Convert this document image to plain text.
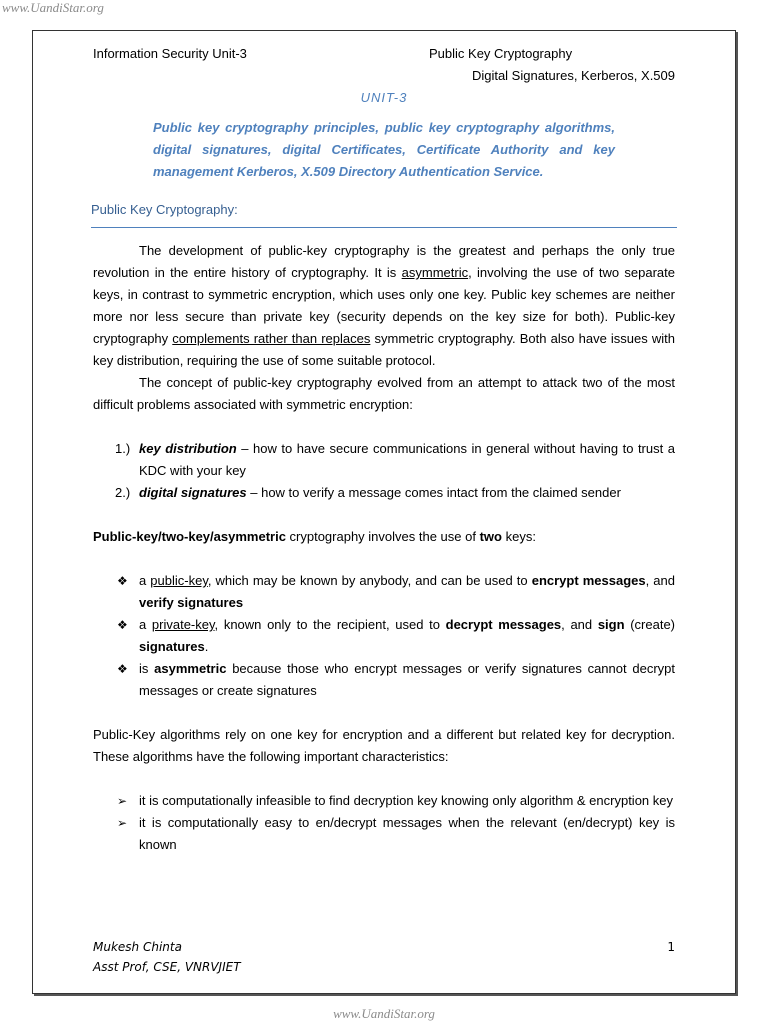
www.UandiStar.org
Information Security Unit-3	Public Key Cryptography
Digital Signatures, Kerberos, X.509
UNIT-3
Public key cryptography principles, public key cryptography algorithms, digital signatures, digital Certificates, Certificate Authority and key management Kerberos, X.509 Directory Authentication Service.
Public Key Cryptography:

The development of public-key cryptography is the greatest and perhaps the only true revolution in the entire history of cryptography. It is asymmetric, involving the use of two separate keys, in contrast to symmetric encryption, which uses only one key. Public key schemes are neither more nor less secure than private key (security depends on the key size for both). Public-key cryptography complements rather than replaces symmetric cryptography. Both also have issues with key distribution, requiring the use of some suitable protocol.

The concept of public-key cryptography evolved from an attempt to attack two of the most difficult problems associated with symmetric encryption:

1.) key distribution – how to have secure communications in general without having to trust a KDC with your key
2.) digital signatures – how to verify a message comes intact from the claimed sender

Public-key/two-key/asymmetric cryptography involves the use of two keys:

❖ a public-key, which may be known by anybody, and can be used to encrypt messages, and verify signatures
❖ a private-key, known only to the recipient, used to decrypt messages, and sign (create) signatures.
❖ is asymmetric because those who encrypt messages or verify signatures cannot decrypt messages or create signatures

Public-Key algorithms rely on one key for encryption and a different but related key for decryption. These algorithms have the following important characteristics:

➢ it is computationally infeasible to find decryption key knowing only algorithm & encryption key
➢ it is computationally easy to en/decrypt messages when the relevant (en/decrypt) key is known
Mukesh Chinta
Asst Prof, CSE, VNRVJIET
1
www.UandiStar.org
